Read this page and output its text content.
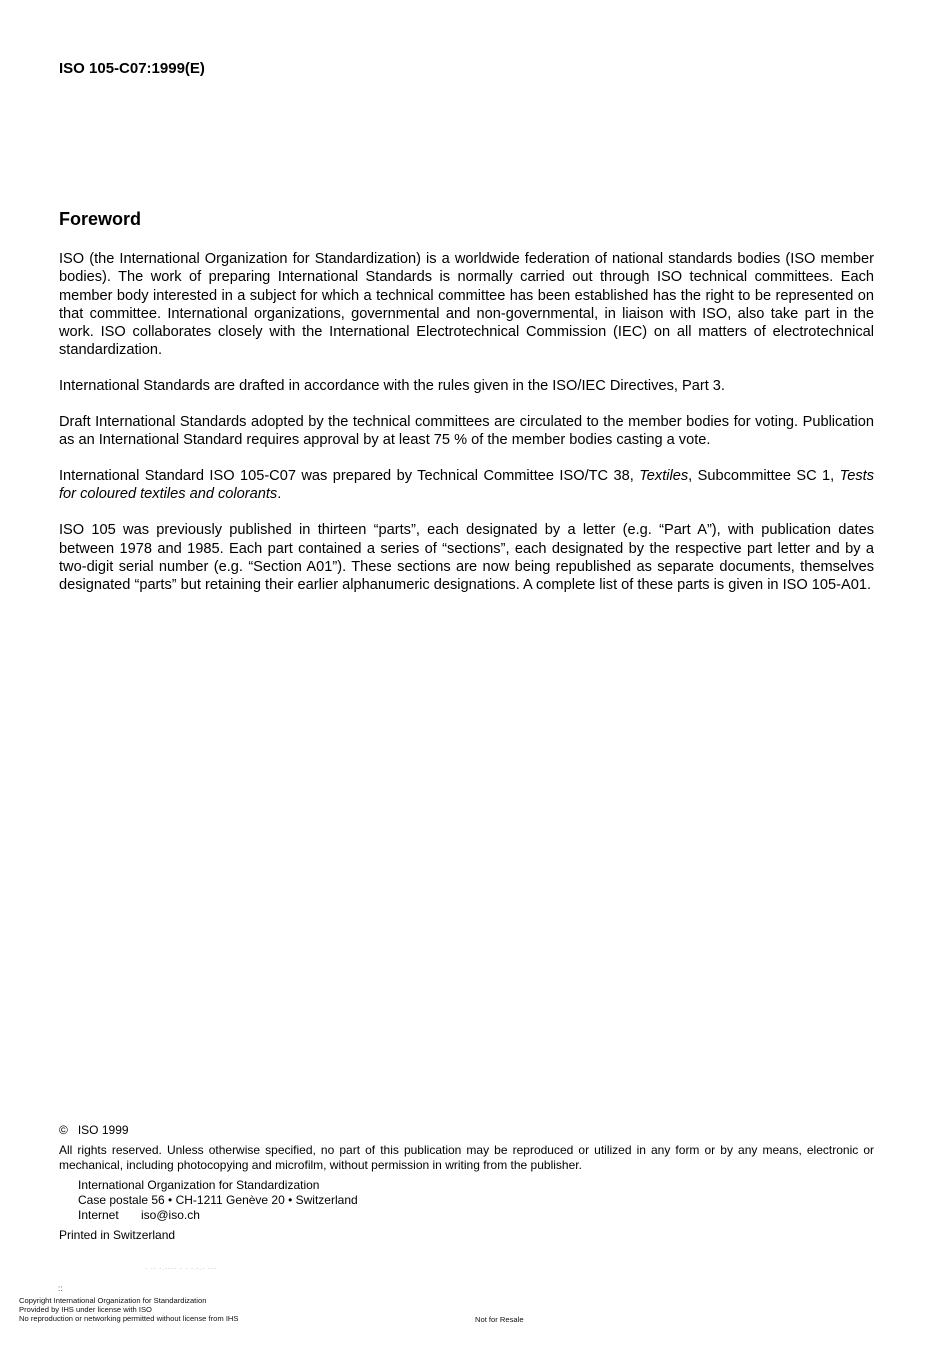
ISO 105-C07:1999(E)
Foreword

ISO (the International Organization for Standardization) is a worldwide federation of national standards bodies (ISO member bodies). The work of preparing International Standards is normally carried out through ISO technical committees. Each member body interested in a subject for which a technical committee has been established has the right to be represented on that committee. International organizations, governmental and non-governmental, in liaison with ISO, also take part in the work. ISO collaborates closely with the International Electrotechnical Commission (IEC) on all matters of electrotechnical standardization.

International Standards are drafted in accordance with the rules given in the ISO/IEC Directives, Part 3.

Draft International Standards adopted by the technical committees are circulated to the member bodies for voting. Publication as an International Standard requires approval by at least 75 % of the member bodies casting a vote.

International Standard ISO 105-C07 was prepared by Technical Committee ISO/TC 38, Textiles, Subcommittee SC 1, Tests for coloured textiles and colorants.

ISO 105 was previously published in thirteen “parts”, each designated by a letter (e.g. “Part A”), with publication dates between 1978 and 1985. Each part contained a series of “sections”, each designated by the respective part letter and by a two-digit serial number (e.g. “Section A01”). These sections are now being republished as separate documents, themselves designated “parts” but retaining their earlier alphanumeric designations. A complete list of these parts is given in ISO 105-A01.

© ISO 1999
All rights reserved. Unless otherwise specified, no part of this publication may be reproduced or utilized in any form or by any means, electronic or mechanical, including photocopying and microfilm, without permission in writing from the publisher.
International Organization for Standardization
Case postale 56 • CH-1211 Genève 20 • Switzerland
Internet iso@iso.ch
Printed in Switzerland
- -- -.---- - - -.-.- ---
::
Copyright International Organization for Standardization
Provided by IHS under license with ISO
No reproduction or networking permitted without license from IHS	Not for Resale
